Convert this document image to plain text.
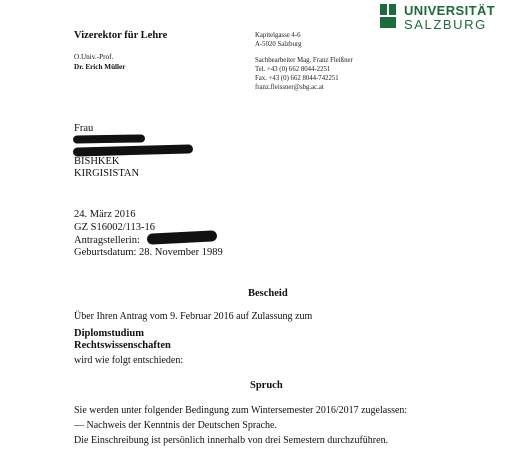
Vizerektor für Lehre
O.Univ.-Prof.
Dr. Erich Müller
Kapitelgasse 4-6
A-5020 Salzburg
Sachbearbeiter Mag. Franz Fleißner
Tel. +43 (0) 662 8044-2251
Fax. +43 (0) 662 8044-742251
franz.fleissner@sbg.ac.at
UNIVERSITÄT
SALZBURG
Frau
BISHKEK
KIRGISISTAN
24. März 2016
GZ S16002/113-16
Antragstellerin:
Geburtsdatum: 28. November 1989
Bescheid
Über Ihren Antrag vom 9. Februar 2016 auf Zulassung zum
Diplomstudium
Rechtswissenschaften
wird wie folgt entschieden:
Spruch
Sie werden unter folgender Bedingung zum Wintersemester 2016/2017 zugelassen:
— Nachweis der Kenntnis der Deutschen Sprache.
Die Einschreibung ist persönlich innerhalb von drei Semestern durchzuführen.
